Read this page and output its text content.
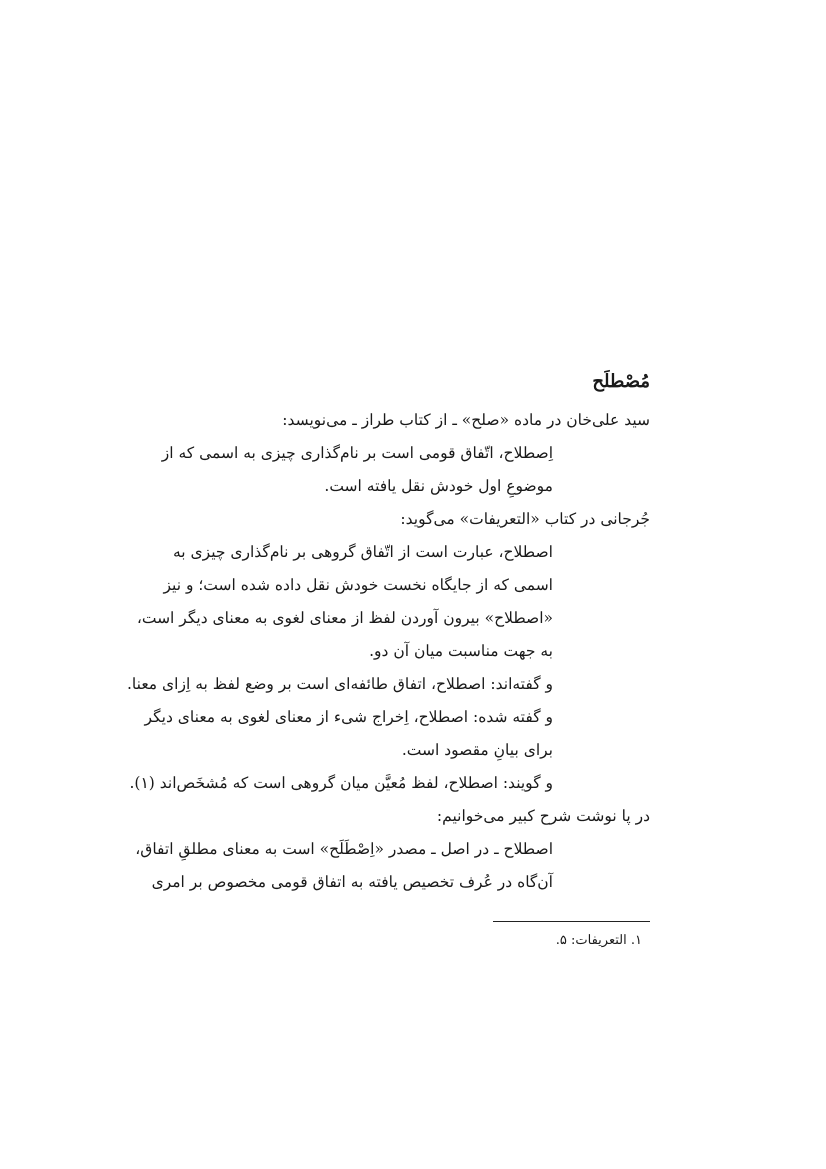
مُصْطلَح
سید علی‌خان در ماده «صلح» ـ از کتاب طراز ـ می‌نویسد:
اِصطلاح، اتّفاق قومی است بر نام‌گذاری چیزی به اسمی که از
موضوعِ اول خودش نقل یافته است.
جُرجانی در کتاب «التعریفات» می‌گوید:
اصطلاح، عبارت است از اتّفاق گروهی بر نام‌گذاری چیزی به
اسمی که از جایگاه نخست خودش نقل داده شده است؛ و نیز
«اصطلاح» بیرون آوردن لفظ از معنای لغوی به معنای دیگر است،
به جهت مناسبت میان آن دو.
و گفته‌اند: اصطلاح، اتفاق طائفه‌ای است بر وضع لفظ به اِزای معنا.
و گفته شده: اصطلاح، اِخراج شیء از معنای لغوی به معنای دیگر
برای بیانِ مقصود است.
و گویند: اصطلاح، لفظ مُعیَّن میان گروهی است که مُشخَص‌اند (۱).
در پا نوشت شرح کبیر می‌خوانیم:
اصطلاح ـ در اصل ـ مصدر «اِصْطَلَح» است به معنای مطلقِ اتفاق،
آن‌گاه در عُرف تخصیص یافته به اتفاق قومی مخصوص بر امری
۱. التعریفات: ۵.
